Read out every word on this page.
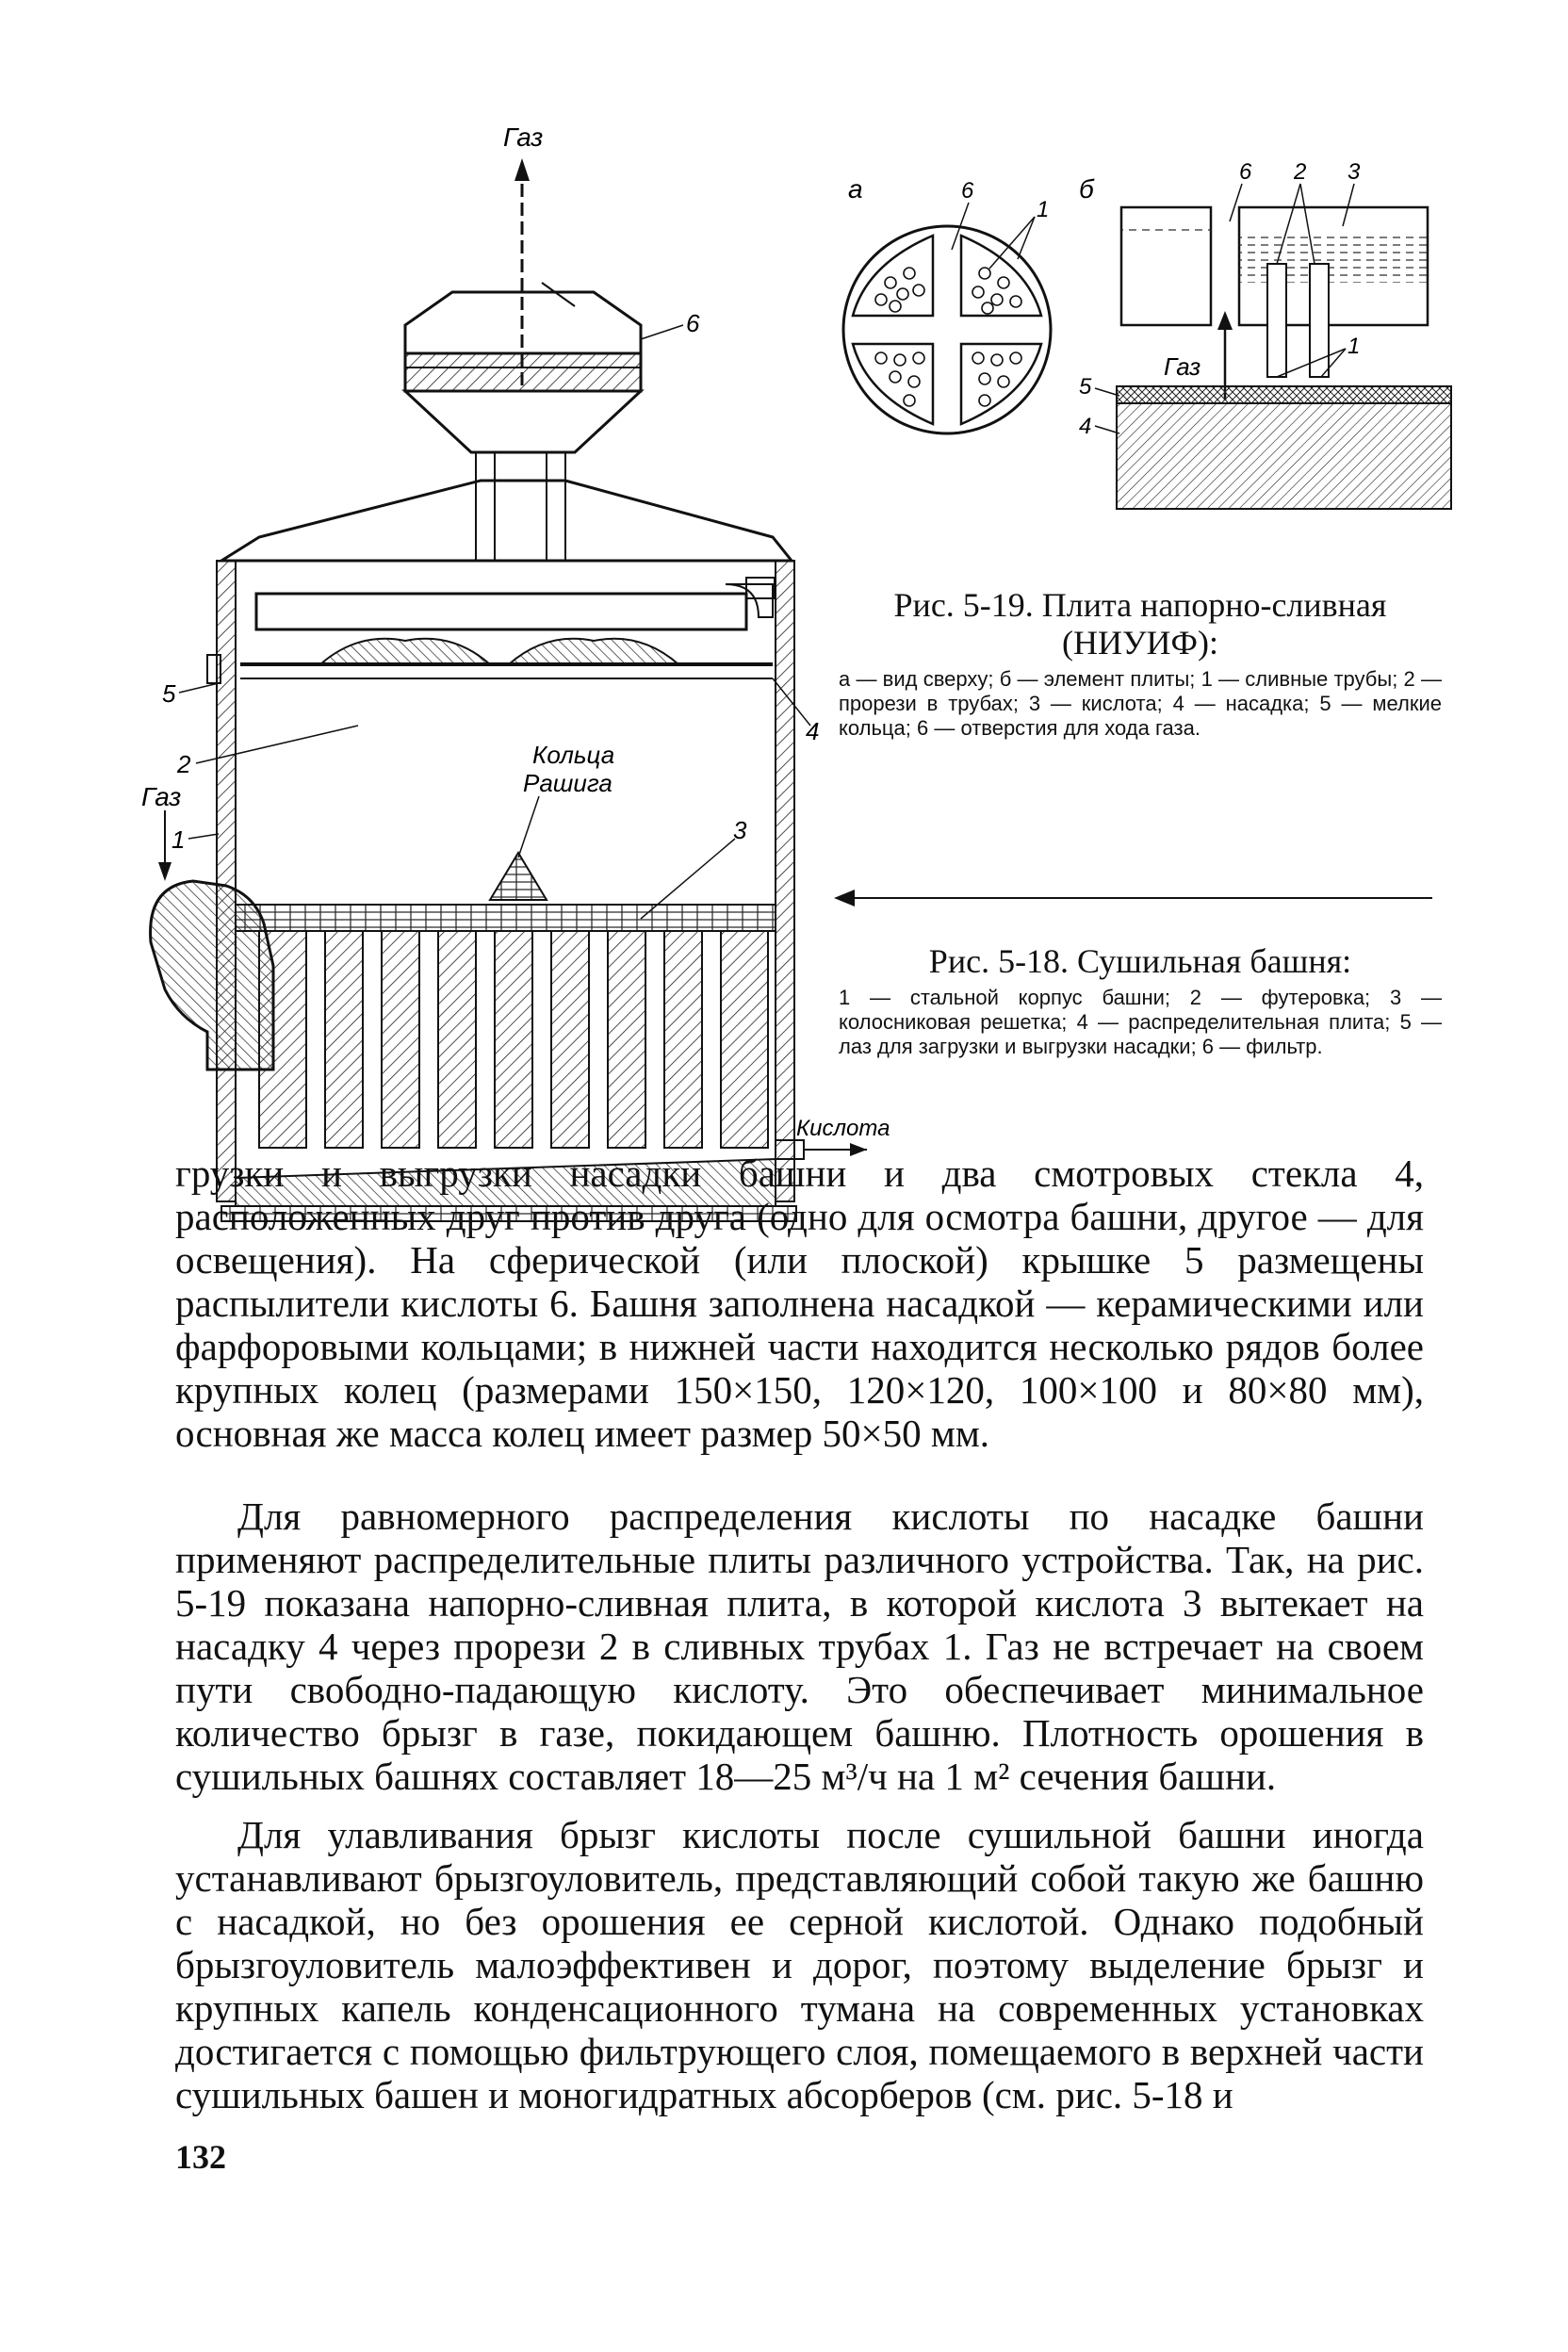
Газ
6
4
5
2
1
Кольца
Рашига
3
Газ
Кислота
а	6
1
б
6 2 3
Газ
1
5
4
Рис. 5-19. Плита напорно-сливная (НИУИФ):
а — вид сверху; б — элемент плиты; 1 — сливные трубы; 2 — прорези в трубах; 3 — кислота; 4 — насадка; 5 — мелкие кольца; 6 — отверстия для хода газа.
Рис. 5-18. Сушильная башня:
1 — стальной корпус башни; 2 — футеровка; 3 — колосниковая решетка; 4 — распределительная плита; 5 — лаз для загрузки и выгрузки насадки; 6 — фильтр.

грузки и выгрузки насадки башни и два смотровых стекла 4, расположенных друг против друга (одно для осмотра башни, другое — для освещения). На сферической (или плоской) крышке 5 размещены распылители кислоты 6. Башня заполнена насадкой — керамическими или фарфоровыми кольцами; в нижней части находится несколько рядов более крупных колец (размерами 150×150, 120×120, 100×100 и 80×80 мм), основная же масса колец имеет размер 50×50 мм.

Для равномерного распределения кислоты по насадке башни применяют распределительные плиты различного устройства. Так, на рис. 5-19 показана напорно-сливная плита, в которой кислота 3 вытекает на насадку 4 через прорези 2 в сливных трубах 1. Газ не встречает на своем пути свободно-падающую кислоту. Это обеспечивает минимальное количество брызг в газе, покидающем башню. Плотность орошения в сушильных башнях составляет 18—25 м³/ч на 1 м² сечения башни.

Для улавливания брызг кислоты после сушильной башни иногда устанавливают брызгоуловитель, представляющий собой такую же башню с насадкой, но без орошения ее серной кислотой. Однако подобный брызгоуловитель малоэффективен и дорог, поэтому выделение брызг и крупных капель конденсационного тумана на современных установках достигается с помощью фильтрующего слоя, помещаемого в верхней части сушильных башен и моногидратных абсорберов (см. рис. 5-18 и

132
